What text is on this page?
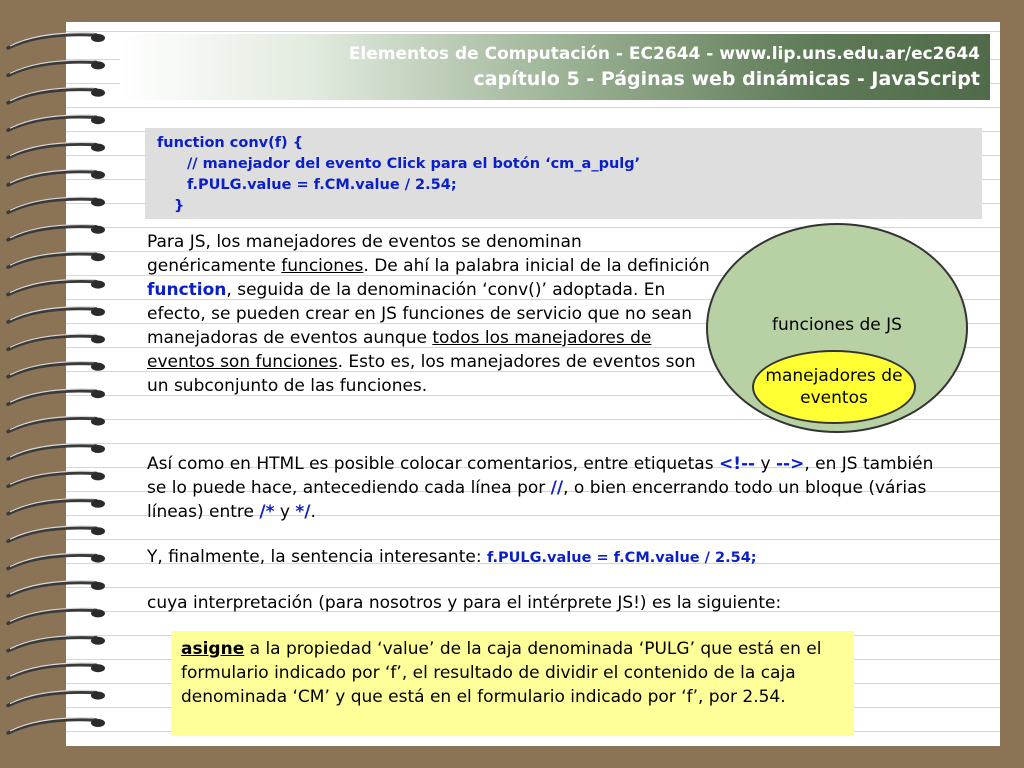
Elementos de Computación - EC2644 - www.lip.uns.edu.ar/ec2644
capítulo 5 - Páginas web dinámicas - JavaScript
function conv(f) {
// manejador del evento Click para el botón ‘cm_a_pulg’
f.PULG.value = f.CM.value / 2.54;
}
Para JS, los manejadores de eventos se denominan genéricamente funciones. De ahí la palabra inicial de la definición function, seguida de la denominación ‘conv()’ adoptada. En efecto, se pueden crear en JS funciones de servicio que no sean manejadoras de eventos aunque todos los manejadores de eventos son funciones. Esto es, los manejadores de eventos son un subconjunto de las funciones.
funciones de JS
manejadores de eventos
Así como en HTML es posible colocar comentarios, entre etiquetas <!-- y -->, en JS también se lo puede hace, antecediendo cada línea por //, o bien encerrando todo un bloque (várias líneas) entre /* y */.
Y, finalmente, la sentencia interesante: f.PULG.value = f.CM.value / 2.54;
cuya interpretación (para nosotros y para el intérprete JS!) es la siguiente:
asigne a la propiedad ‘value’ de la caja denominada ‘PULG’ que está en el formulario indicado por ‘f’, el resultado de dividir el contenido de la caja denominada ‘CM’ y que está en el formulario indicado por ‘f’, por 2.54.
